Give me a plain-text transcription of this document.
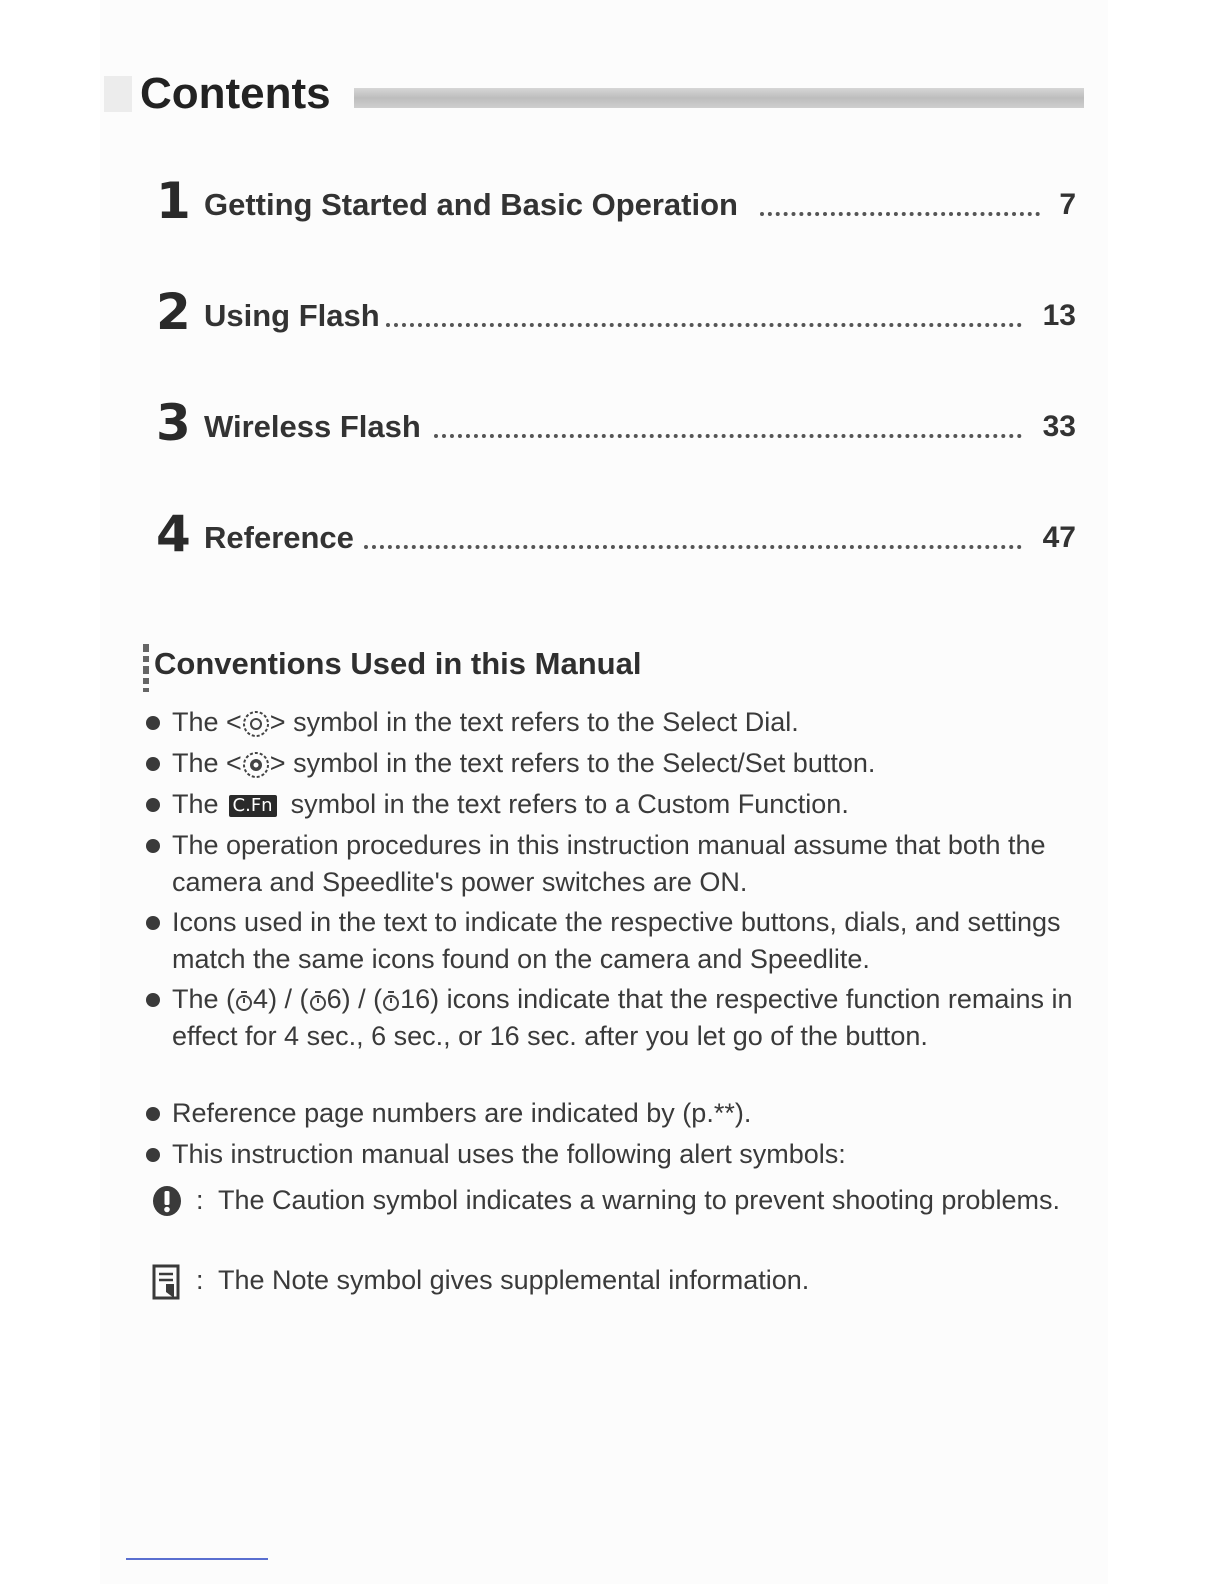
Contents
1 Getting Started and Basic Operation	7
2 Using Flash	13
3 Wireless Flash	33
4 Reference	47
Conventions Used in this Manual
The < > symbol in the text refers to the Select Dial.
The < > symbol in the text refers to the Select/Set button.
The C.Fn symbol in the text refers to a Custom Function.
The operation procedures in this instruction manual assume that both the camera and Speedlite's power switches are ON.
Icons used in the text to indicate the respective buttons, dials, and settings match the same icons found on the camera and Speedlite.
The ( 4) / ( 6) / ( 16) icons indicate that the respective function remains in effect for 4 sec., 6 sec., or 16 sec. after you let go of the button.
Reference page numbers are indicated by (p.**).
This instruction manual uses the following alert symbols:
: The Caution symbol indicates a warning to prevent shooting problems.
: The Note symbol gives supplemental information.
